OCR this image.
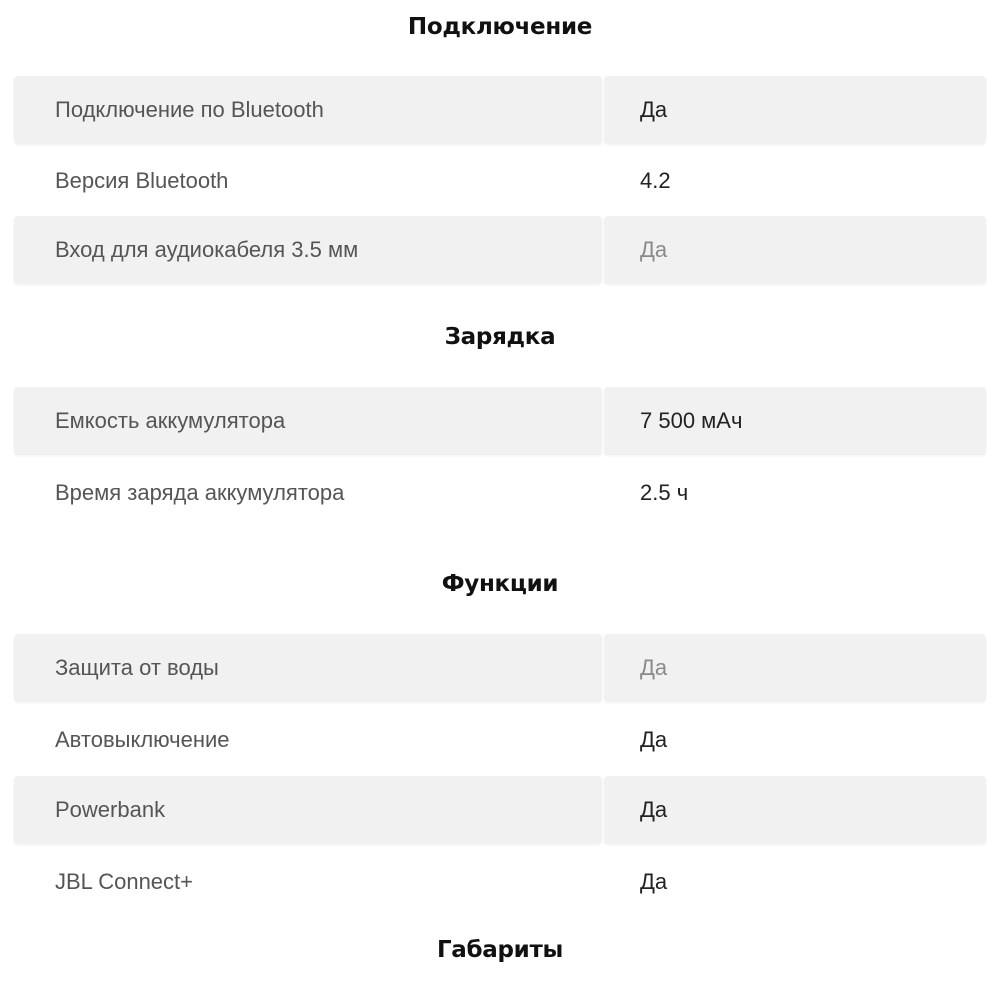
Подключение
Подключение по Bluetooth	Да
Версия Bluetooth	4.2
Вход для аудиокабеля 3.5 мм	Да
Зарядка
Емкость аккумулятора	7 500 мАч
Время заряда аккумулятора	2.5 ч
Функции
Защита от воды	Да
Автовыключение	Да
Powerbank	Да
JBL Connect+	Да
Габариты
